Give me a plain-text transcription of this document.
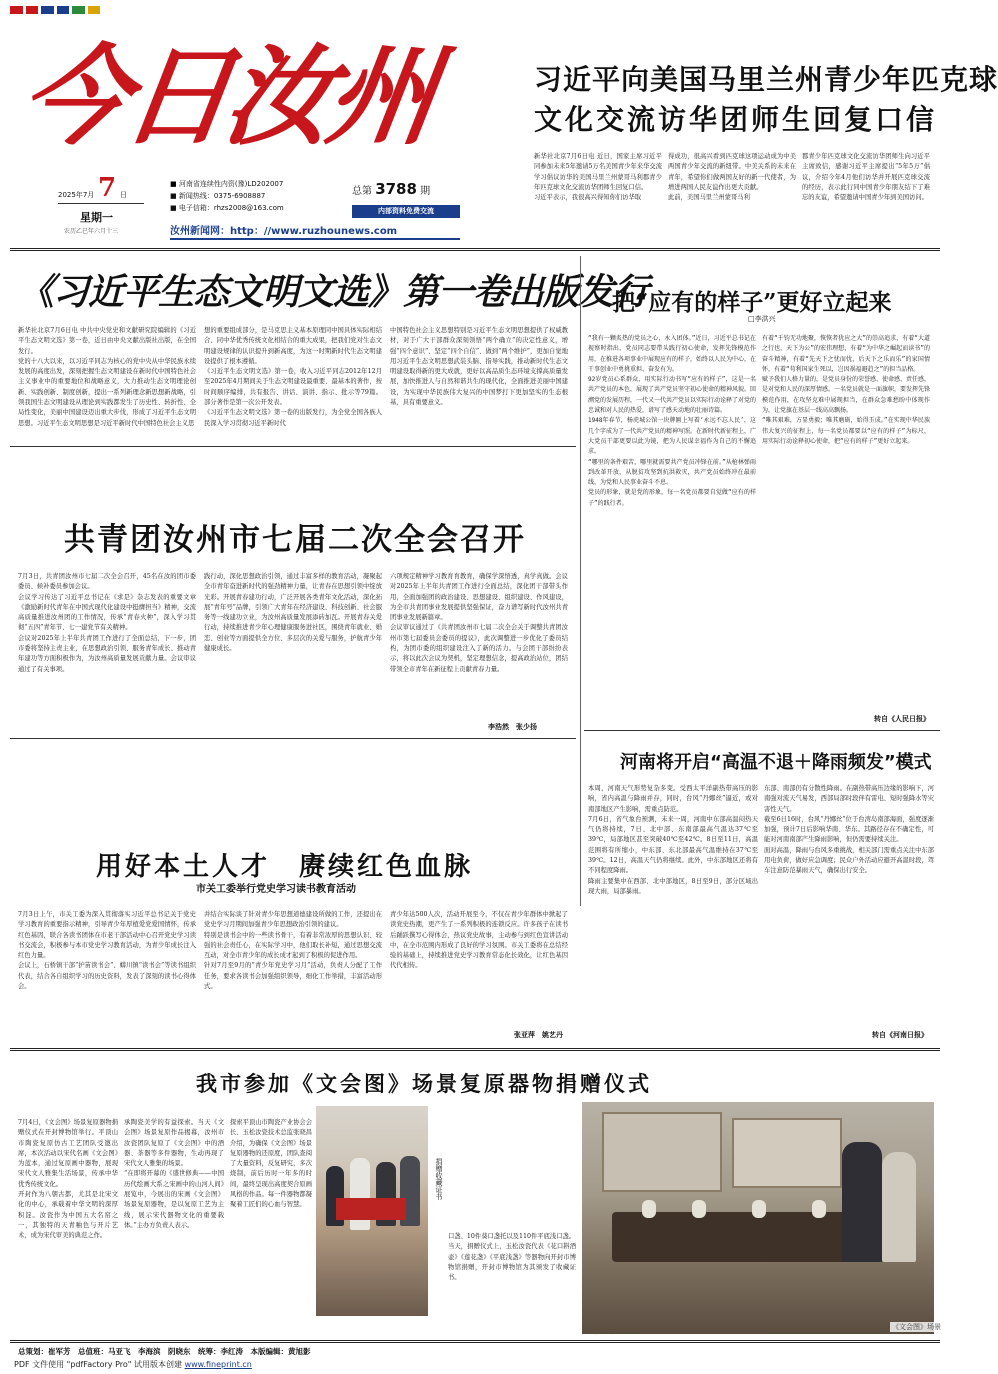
今日汝州
2025年7月 7 日
星期一
农历乙巳年六月十三
■ 河南省连续性内资(豫)LD202007
■ 新闻热线：0375-6908887
■ 电子信箱：rhzs2008@163.com
总第 3788 期
内部资料免费交流
汝州新闻网：http：//www.ruzhounews.com
习近平向美国马里兰州青少年匹克球
文化交流访华团师生回复口信
新华社北京7月6日电 近日，国家主席习近平同参加未来5年邀请5万名美国青少年来华交流学习倡议访华的美国马里兰州蒙哥马利郡青少年匹克球文化交流访华团师生回复口信。
习近平表示，我很高兴得知你们访华取
得成功，很高兴看到匹克球这项运动成为中美两国青少年交流的新纽带。中美关系的未来在青年，希望你们做两国友好的新一代使者，为增进两国人民友谊作出更大贡献。
此前，美国马里兰州蒙哥马利
郡青少年匹克球文化交流访华团师生向习近平主席致信，感谢习近平主席提出“5年5万”倡议，介绍今年4月他们访华并开展匹克球交流的经历，表示此行同中国青少年朋友结下了难忘的友谊，希望邀请中国青少年到美国访问。
《习近平生态文明文选》第一卷出版发行
新华社北京7月6日电 中共中央党史和文献研究院编辑的《习近平生态文明文选》第一卷，近日由中央文献出版社出版，在全国发行。
党的十八大以来，以习近平同志为核心的党中央从中华民族永续发展的高度出发，深刻把握生态文明建设在新时代中国特色社会主义事业中的重要地位和战略意义，大力推动生态文明理论创新、实践创新、制度创新，提出一系列新理念新思想新战略，引领我国生态文明建设从理论到实践都发生了历史性、转折性、全局性变化，美丽中国建设迈出重大步伐，形成了习近平生态文明思想。习近平生态文明思想是习近平新时代中国特色社会主义思
想的重要组成部分，是马克思主义基本原理同中国具体实际相结合、同中华优秀传统文化相结合的重大成果，把我们党对生态文明建设规律的认识提升到新高度，为这一时期新时代生态文明建设提供了根本遵循。
《习近平生态文明文选》第一卷，收入习近平同志2012年12月至2025年4月期间关于生态文明建设最重要、最基本的著作，按时间顺序编排，共有报告、讲话、演讲、指示、批示等79篇。部分著作是第一次公开发表。
《习近平生态文明文选》第一卷的出版发行，为全党全国各族人民深入学习贯彻习近平新时代
中国特色社会主义思想特别是习近平生态文明思想提供了权威教材，对于广大干部群众深刻领悟“两个确立”的决定性意义，增强“四个意识”、坚定“四个自信”、做到“两个维护”，更加自觉地用习近平生态文明思想武装头脑、指导实践，推动新时代生态文明建设取得新的更大成就，更好以高品质生态环境支撑高质量发展，加快推进人与自然和谐共生的现代化，全面推进美丽中国建设，为实现中华民族伟大复兴的中国梦打下更加坚实的生态根基，具有重要意义。
共青团汝州市七届二次全会召开
7月3日，共青团汝州市七届二次全会召开，45名在汝的团市委委员、候补委员参加会议。
会议学习传达了习近平总书记在《求是》杂志发表的重要文章《激励新时代青年在中国式现代化建设中挺膺担当》精神，交流高质量推进汝州团的工作情况，传承“青春火种”，深入学习贯彻“五四”青年节、七一建党节有关精神。
会议对2025年上半年共青团工作进行了全面总结，下一步，团市委将坚持主责主业，在思想政治引领、服务青年成长、推动青年建功等方面积极作为，为汝州高质量发展贡献力量。会议审议通过了有关事项。
践行动，深化思想政治引领，通过丰富多样的教育活动，凝聚起全市青年奋进新时代的强劲精神力量，让青春在思想引领中绽放光彩。开展青春建功行动，广泛开展各类青年文化活动，深化拓展“青年号”品牌，引领广大青年在经济建设、科技创新、社会服务等一线建功立业，为汝州高质量发展添砖加瓦。开展青春关爱行动，持续推进青少年心理健康服务进社区，围绕青年就业、婚恋、创业等方面提供全方位、多层次的关爱与服务，护航青少年健康成长。
六项规定精神学习教育育教育，确保学深悟透，真学真做。会议对2025年上半年共青团工作进行全面总结，深化团干部带头作用，全面加强团的政治建设、思想建设、组织建设、作风建设，为全市共青团事业发展提供坚强保证，奋力谱写新时代汝州共青团事业发展新篇章。
会议审议通过了《共青团汝州市七届二次全会关于调整共青团汝州市第七届委员会委员的提议》，此次调整进一步优化了委员结构，为团市委的组织建设注入了新的活力。与会团干部纷纷表示，将以此次会议为契机，坚定理想信念，提高政治站位，团结带领全市青年在新征程上贡献青春力量。
李浩然　张少扬
用好本土人才　赓续红色血脉
市关工委举行党史学习读书教育活动
7月3日上午，市关工委为深入贯彻落实习近平总书记关于党史学习教育的重要指示精神，引导青少年厚植爱党爱国情怀，传承红色基因，联合各读书团体在市老干部活动中心召开党史学习读书交流会，积极参与本市党史学习教育活动，为青少年成长注入红色力量。
会议上，石桥镇干部“护苗读书会”、蟒川镇“读书会”等读书组织代表，结合各自组织学习的历史资料，发表了深刻的读书心得体会。
并结合实际谈了针对青少年思想道德建设所做的工作，还提出在党史学习月期间加强青少年思想政治引领的建议。
特别是读书会中的一些读书骨干，有着非常浓厚的思想认识、较强的社会责任心，在实际学习中，他们取长补短，通过思想交流互动，对全市青少年的成长成才起到了积极的促进作用。
针对7月至9月的“青少年党史学习月”活动，负责人分配了工作任务，要求各读书会加强组织领导，细化工作举措，丰富活动形式。
青少年达500人次，活动开展至今，不仅在青少年群体中掀起了读党史热潮，更产生了一系列积极的连锁反应。许多孩子在读书后踊跃撰写心得体会，热议党史故事，主动参与到红色宣讲活动中，在全市范围内形成了良好的学习氛围。市关工委将在总结经验的基础上，持续推进党史学习教育常态化长效化，让红色基因代代相传。
张亚萍　姚艺丹
把“应有的样子”更好立起来
□李洪兴
“我有一颗炙热的党员之心，永入团体。”近日，习近平总书记在视察时指出，党员同志要带头践行初心使命，发挥先锋模范作用，在推进各项事业中展现应有的样子，始终以人民为中心，在干事创业中勇挑重担、奋发有为。
92岁党员心系群众，用实际行动书写“应有的样子”，这是一名共产党员的本色，展现了共产党员坚守初心使命的精神风貌。回溯党的发展历程，一代又一代共产党员以实际行动诠释了对党的忠诚和对人民的热爱，谱写了感天动地的壮丽诗篇。
1948年春节，杨虎城公馆一块牌匾上写着‘永远不忘人民’，这几个字成为了一代共产党员的精神写照。在新时代新征程上，广大党员干部更要以此为镜，把为人民谋幸福作为自己的不懈追求。
“哪里的条件艰苦，哪里就需要共产党员冲锋在前。”从枪林弹雨到改革开放，从脱贫攻坚到抗洪救灾，共产党员始终冲在最前线，为党和人民事业奋斗不息。
党员的形象，就是党的形象，每一名党员都要自觉做“应有的样子”的践行者。
有着“千钧无功地聚，恢恢者犹应之大”的崇高追求，有着“大道之行也，天下为公”的宏伟理想，有着“为中华之崛起而读书”的奋斗精神，有着“先天下之忧而忧，后天下之乐而乐”的家国情怀，有着“苟利国家生死以，岂因祸福避趋之”的担当品格。
赋予我们人格力量的，是党员身份的荣誉感、使命感、责任感，是对党和人民的深厚情感。一名党员就是一面旗帜，要发挥先锋模范作用，在攻坚克难中展现担当，在群众急难愁盼中体现作为，让党旗在基层一线高高飘扬。
“唯其艰难，方显勇毅；唯其磨砺，始得玉成。”在实现中华民族伟大复兴的征程上，每一名党员都要以“应有的样子”为标尺，用实际行动诠释初心使命，把“应有的样子”更好立起来。
转自《人民日报》
河南将开启“高温不退＋降雨频发”模式
本周，河南天气形势复杂多变。受西太平洋副热带高压的影响，省内高温与降雨并存，同时，台风“丹娜丝”逼近，或对南部地区产生影响，需重点防范。
7月6日，省气象台预测，未来一周，河南中东部高温闷热天气仍将持续，7日、北中部、东南部最高气温达37℃至39℃，局部地区甚至突破40℃至42℃。8日至11日，高温范围将有所缩小，中东部、东北部最高气温维持在37℃至39℃。12日，高温天气仍将继续。此外，中东部地区还将有不同程度降雨。
降雨主要集中在西部、北中部地区，8日至9日，部分区域出现大雨，局部暴雨。
东部、南部仍有分散性降雨。在副热带高压边缘的影响下，河南强对流天气易发，西部局部时段伴有雷电、短时强降水等灾害性天气。
截至6日16时，台风“丹娜丝”位于台湾岛南部海面，强度逐渐加强，预计7日后影响华南、华东。其路径存在不确定性，可能对河南南部产生降雨影响，但仍需要持续关注。
面对高温，降雨与台风多重挑战，相关部门需重点关注中东部用电负荷，做好应急调度；民众户外活动应避开高温时段，驾车注意防范暴雨天气，确保出行安全。
转自《河南日报》
我市参加《文会图》场景复原器物捐赠仪式
7月4日，《文会图》场景复原器物捐赠仪式在开封博物馆举行。平顶山市陶瓷复原仿古工艺团队受邀出席，本次活动以宋代名画《文会图》为蓝本，通过复原画中器物，展现宋代文人雅集生活场景，传承中华优秀传统文化。
开封作为八朝古都，尤其是北宋文化的中心，承载着中华文明的深厚积淀。汝瓷作为中国五大名窑之一，其独特的天青釉色与开片艺术，成为宋代审美的典范之作。
承陶瓷美学的有益探索。当天《文会图》场景复原作品揭幕，汝州市汝瓷团队复原了《文会图》中的酒器、茶器等多件器物，生动再现了宋代文人雅集的场景。
“在即将开幕的《盛世修典——中国历代绘画大系之宋画中的山河人间》展览中，今展出的宋画《文会图》场景复原器物，是以复原工艺为主线，展示宋代器物文化的重要载体。”主办方负责人表示。
探索平顶山市陶瓷产业协会会长、玉松汝瓷技术总监张晓昌介绍，为确保《文会图》场景复原器物的还原度，团队查阅了大量资料，反复研究，多次烧制，前后历时一年多的时间，最终呈现出高度契合原画风格的作品。每一件器物都凝聚着工匠们的心血与智慧。
捐赠收藏证书
口盏、10件葵口盏托以及110件平底浅口盏。
当天，捐赠仪式上，玉松汝瓷代表《花口斟酒壶》《莲花盏》《平底浅盏》等器物向开封市博物馆捐赠，开封市博物馆为其颁发了收藏证书。
《文会图》场景
总策划：崔军芳　总值班：马亚飞　李海滨　阴晓东　统筹：李红涛　本版编辑：黄旭影
PDF 文件使用 "pdfFactory Pro" 试用版本创建 www.fineprint.cn
